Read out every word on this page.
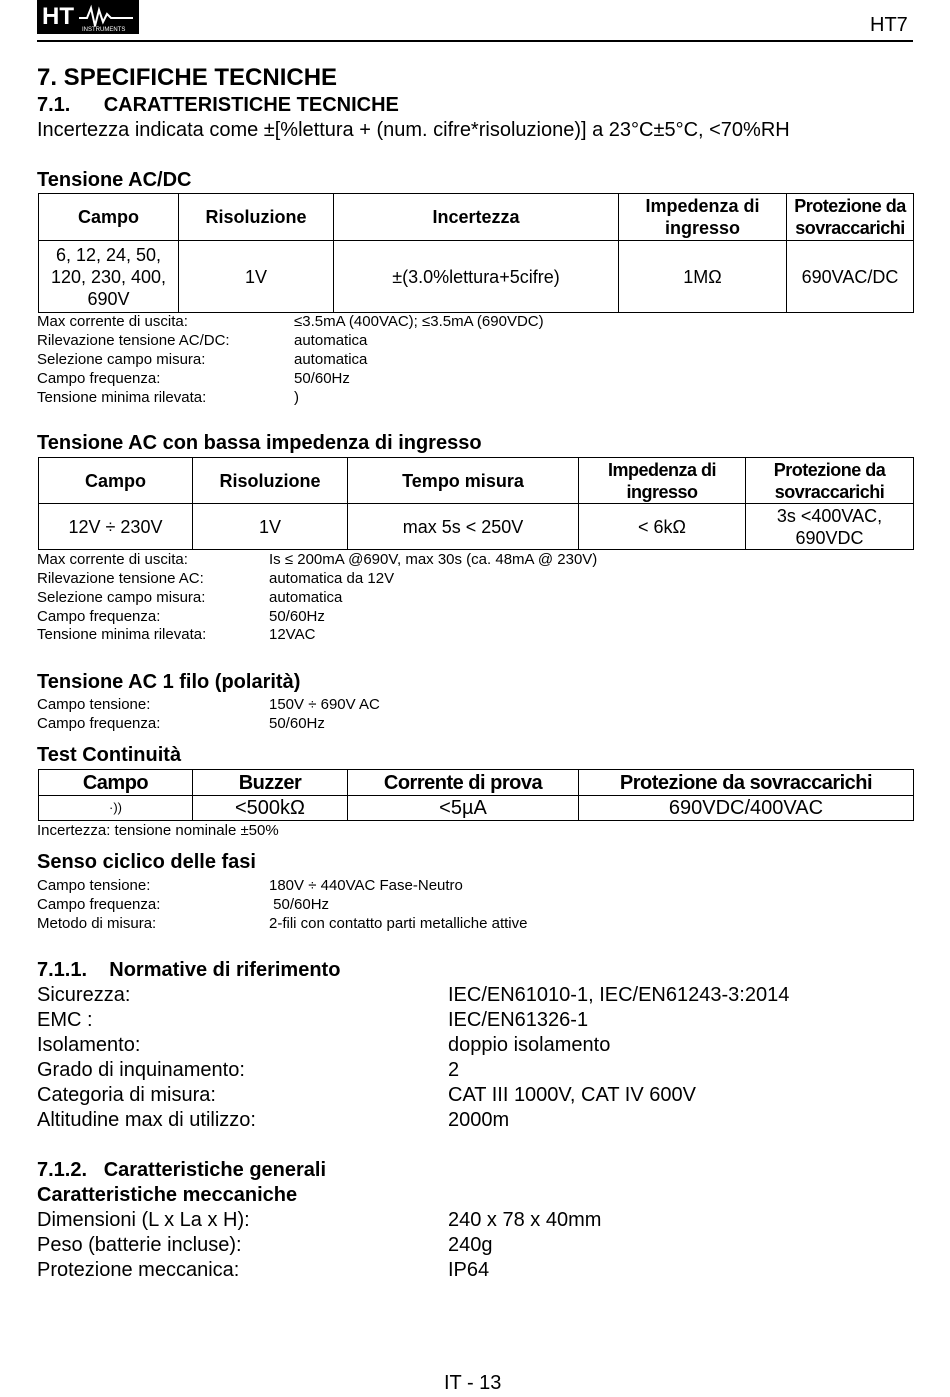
HT INSTRUMENTS	HT7
7. SPECIFICHE TECNICHE
7.1.      CARATTERISTICHE TECNICHE
Incertezza indicata come ±[%lettura + (num. cifre*risoluzione)] a 23°C±5°C, <70%RH
Tensione AC/DC
Campo	Risoluzione	Incertezza	Impedenza di ingresso	Protezione da sovraccarichi
6, 12, 24, 50, 120, 230, 400, 690V	1V	±(3.0%lettura+5cifre)	1MΩ	690VAC/DC
Max corrente di uscita:	≤3.5mA (400VAC); ≤3.5mA (690VDC)
Rilevazione tensione AC/DC:	automatica
Selezione campo misura:	automatica
Campo frequenza:	50/60Hz
Tensione minima rilevata:	)
Tensione AC con bassa impedenza di ingresso
Campo	Risoluzione	Tempo misura	Impedenza di ingresso	Protezione da sovraccarichi
12V ÷ 230V	1V	max 5s < 250V	< 6kΩ	3s <400VAC, 690VDC
Max corrente di uscita:	Is ≤ 200mA @690V, max 30s (ca. 48mA @ 230V)
Rilevazione tensione AC:	automatica da 12V
Selezione campo misura:	automatica
Campo frequenza:	50/60Hz
Tensione minima rilevata:	12VAC
Tensione AC 1 filo (polarità)
Campo tensione:	150V ÷ 690V AC
Campo frequenza:	50/60Hz
Test Continuità
Campo	Buzzer	Corrente di prova	Protezione da sovraccarichi
·))	<500kΩ	<5µA	690VDC/400VAC
Incertezza: tensione nominale ±50%
Senso ciclico delle fasi
Campo tensione:	180V ÷ 440VAC Fase-Neutro
Campo frequenza:	50/60Hz
Metodo di misura:	2-fili con contatto parti metalliche attive
7.1.1.    Normative di riferimento
Sicurezza:	IEC/EN61010-1, IEC/EN61243-3:2014
EMC :	IEC/EN61326-1
Isolamento:	doppio isolamento
Grado di inquinamento:	2
Categoria di misura:	CAT III 1000V, CAT IV 600V
Altitudine max di utilizzo:	2000m
7.1.2.   Caratteristiche generali
Caratteristiche meccaniche
Dimensioni (L x La x H):	240 x 78 x 40mm
Peso (batterie incluse):	240g
Protezione meccanica:	IP64
IT - 13
